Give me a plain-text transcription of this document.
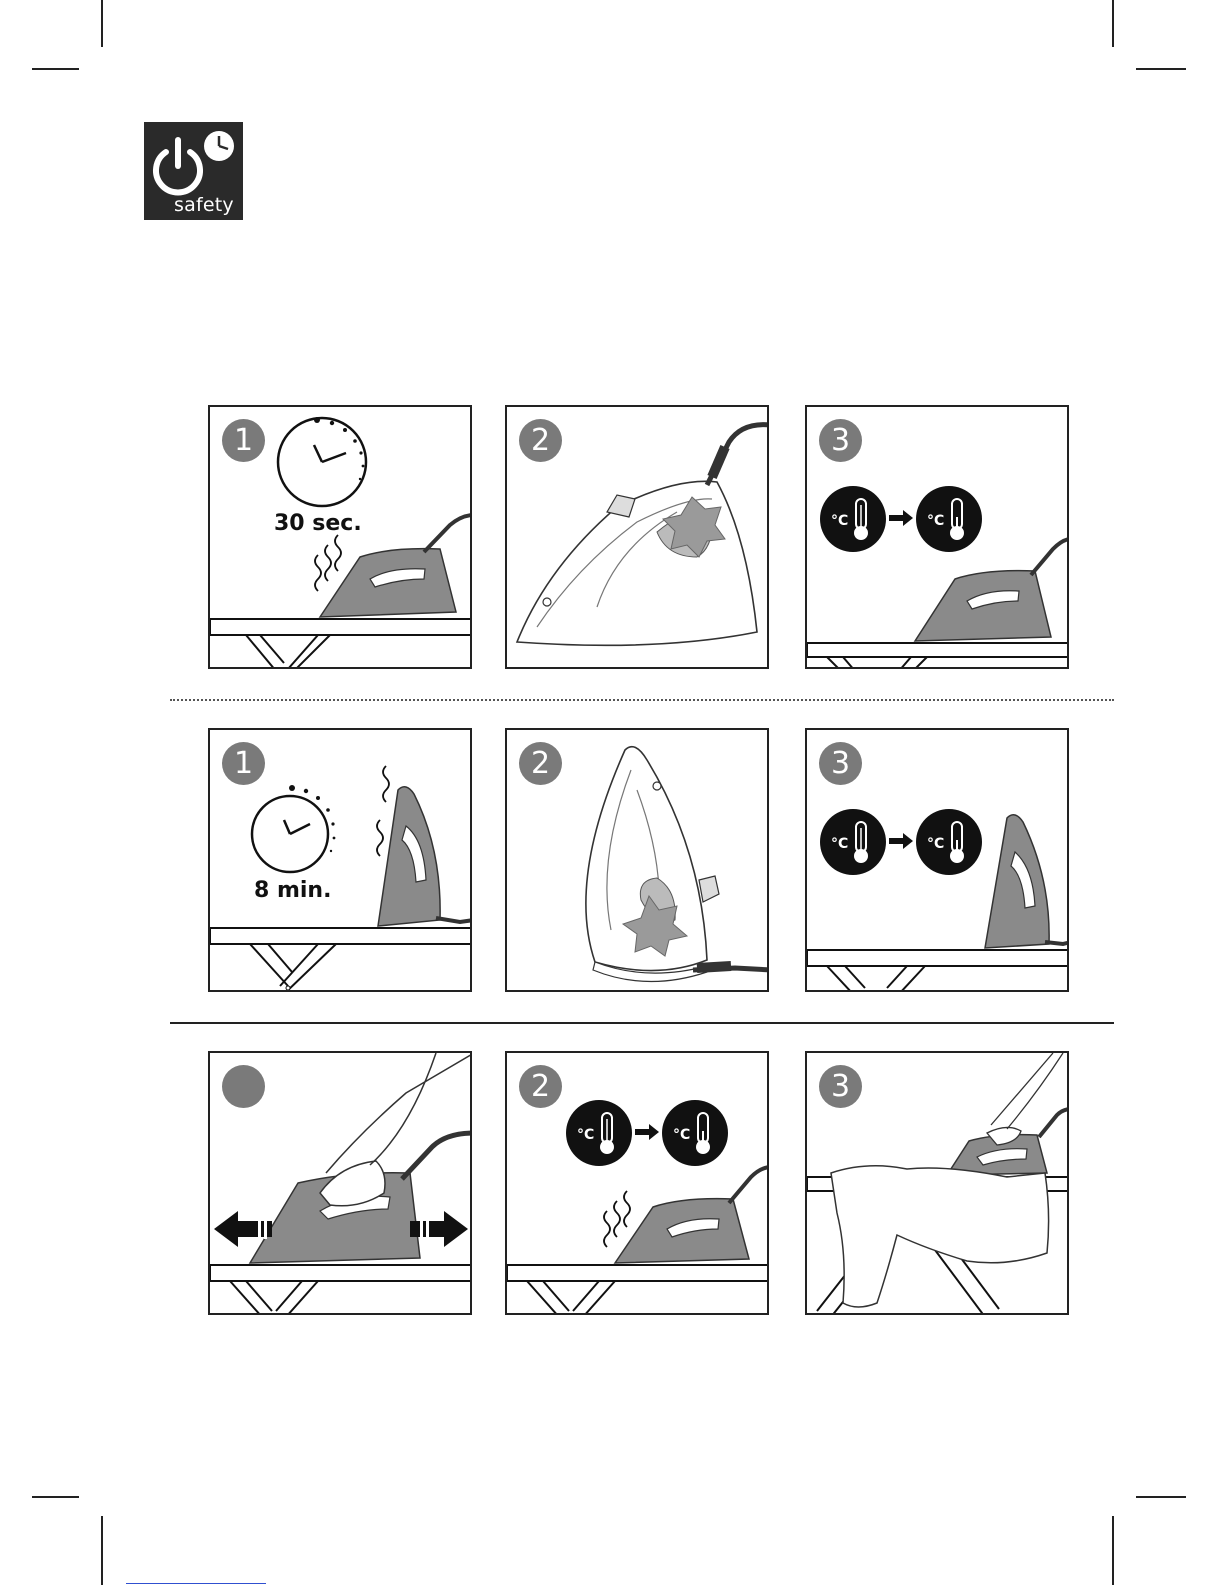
safety
1
30 sec.
2
°C	°C
3
1
8 min.
2
°C	°C
3
°C	°C
2	3
